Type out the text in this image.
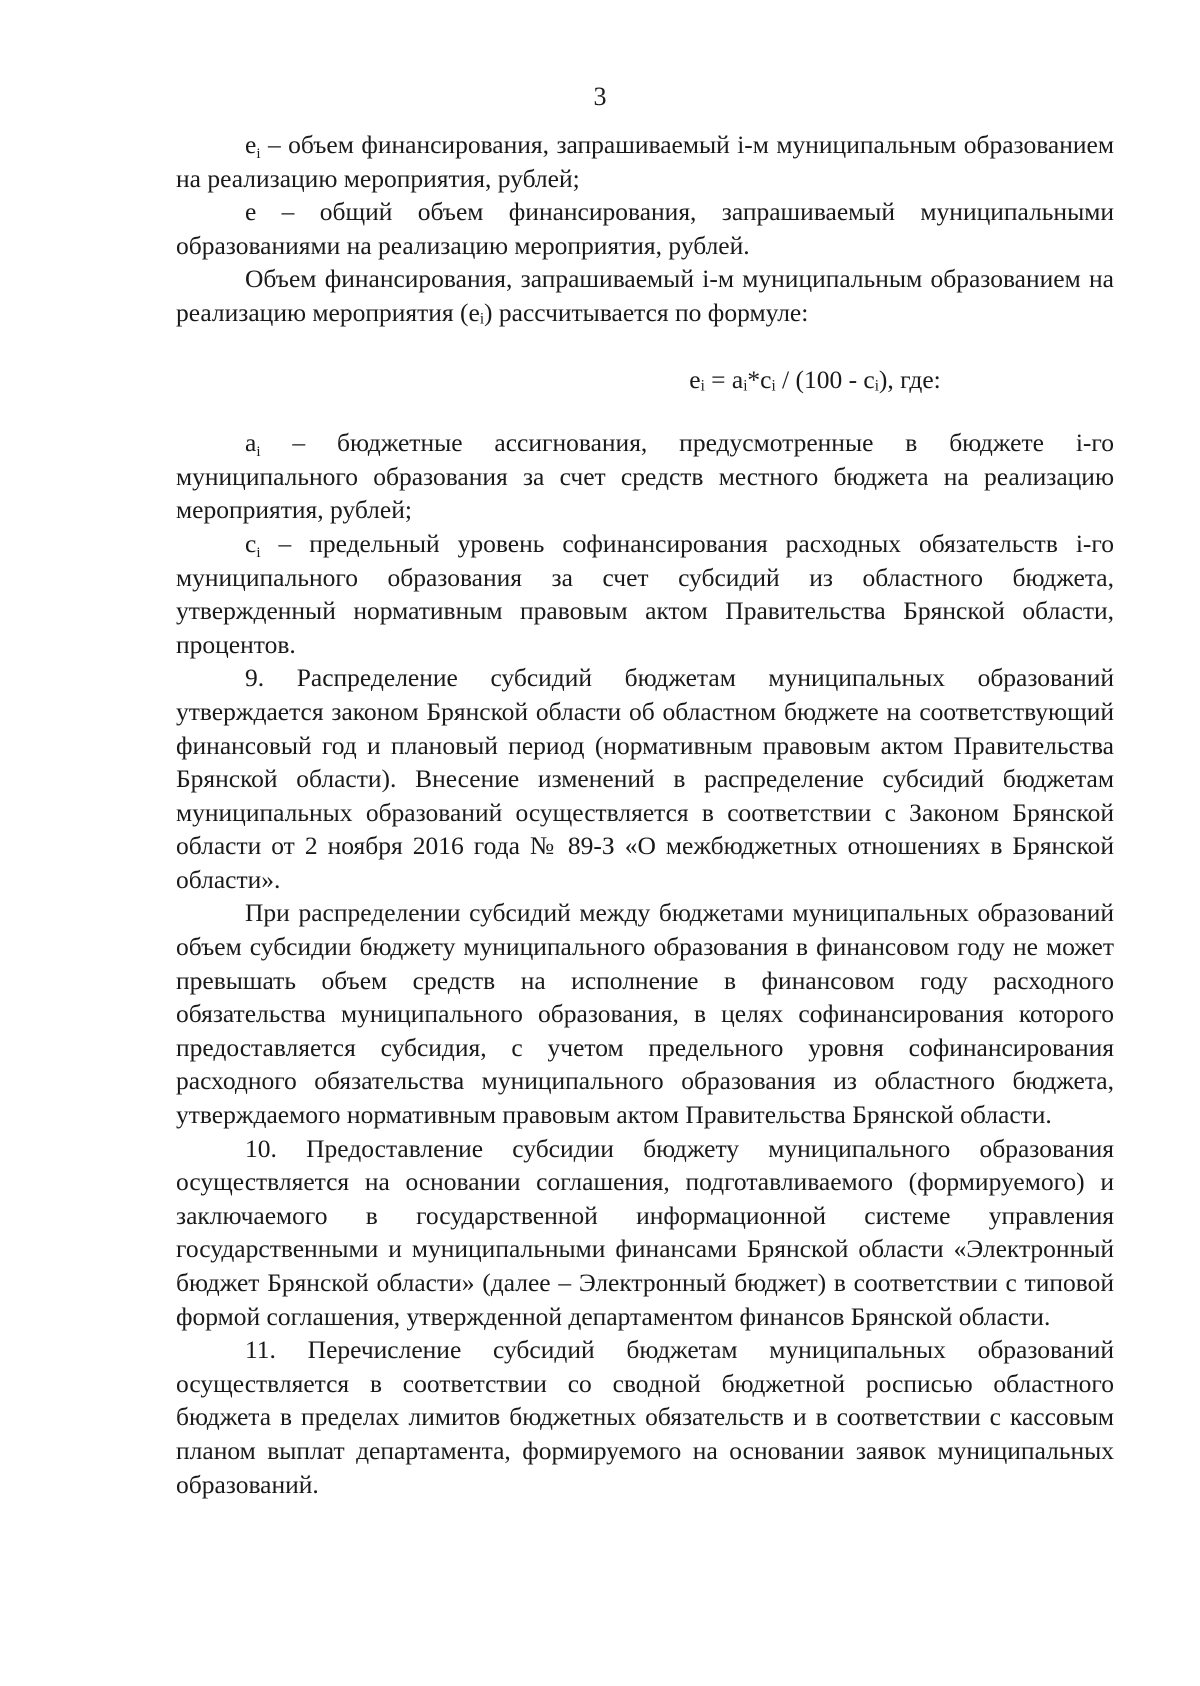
3

$e_i$ – объем финансирования, запрашиваемый i-м муниципальным образованием на реализацию мероприятия, рублей;

е – общий объем финансирования, запрашиваемый муниципальными образованиями на реализацию мероприятия, рублей.

Объем финансирования, запрашиваемый i-м муниципальным образованием на реализацию мероприятия (eᵢ) рассчитывается по формуле:

eᵢ = aᵢ*cᵢ / (100 - cᵢ), где:

$a_i$ – бюджетные ассигнования, предусмотренные в бюджете i-го муниципального образования за счет средств местного бюджета на реализацию мероприятия, рублей;

$c_i$ – предельный уровень софинансирования расходных обязательств i-го муниципального образования за счет субсидий из областного бюджета, утвержденный нормативным правовым актом Правительства Брянской области, процентов.

9. Распределение субсидий бюджетам муниципальных образований утверждается законом Брянской области об областном бюджете на соответствующий финансовый год и плановый период (нормативным правовым актом Правительства Брянской области). Внесение изменений в распределение субсидий бюджетам муниципальных образований осуществляется в соответствии с Законом Брянской области от 2 ноября 2016 года № 89-З «О межбюджетных отношениях в Брянской области».

При распределении субсидий между бюджетами муниципальных образований объем субсидии бюджету муниципального образования в финансовом году не может превышать объем средств на исполнение в финансовом году расходного обязательства муниципального образования, в целях софинансирования которого предоставляется субсидия, с учетом предельного уровня софинансирования расходного обязательства муниципального образования из областного бюджета, утверждаемого нормативным правовым актом Правительства Брянской области.

10. Предоставление субсидии бюджету муниципального образования осуществляется на основании соглашения, подготавливаемого (формируемого) и заключаемого в государственной информационной системе управления государственными и муниципальными финансами Брянской области «Электронный бюджет Брянской области» (далее – Электронный бюджет) в соответствии с типовой формой соглашения, утвержденной департаментом финансов Брянской области.

11. Перечисление субсидий бюджетам муниципальных образований осуществляется в соответствии со сводной бюджетной росписью областного бюджета в пределах лимитов бюджетных обязательств и в соответствии с кассовым планом выплат департамента, формируемого на основании заявок муниципальных образований.
